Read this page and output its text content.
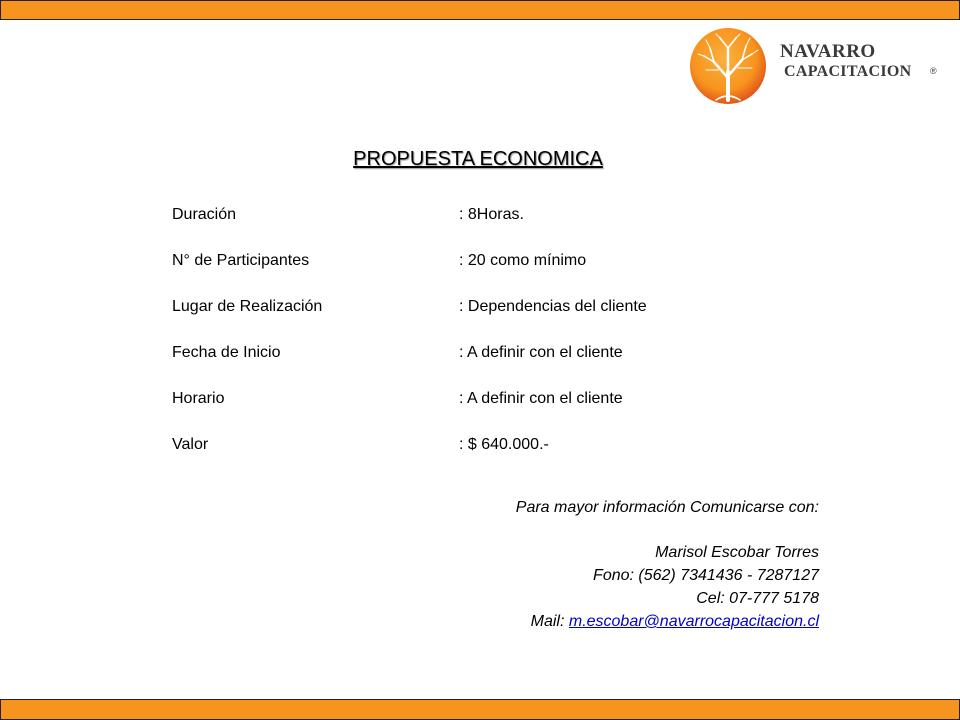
NAVARRO
CAPACITACION ®
PROPUESTA ECONOMICA
Duración	: 8Horas.
N° de Participantes	: 20 como mínimo
Lugar de Realización	: Dependencias del cliente
Fecha de Inicio	: A definir con el cliente
Horario	: A definir con el cliente
Valor	: $ 640.000.-
Para mayor información Comunicarse con:
Marisol Escobar Torres
Fono: (562) 7341436 - 7287127
Cel: 07-777 5178
Mail: m.escobar@navarrocapacitacion.cl
